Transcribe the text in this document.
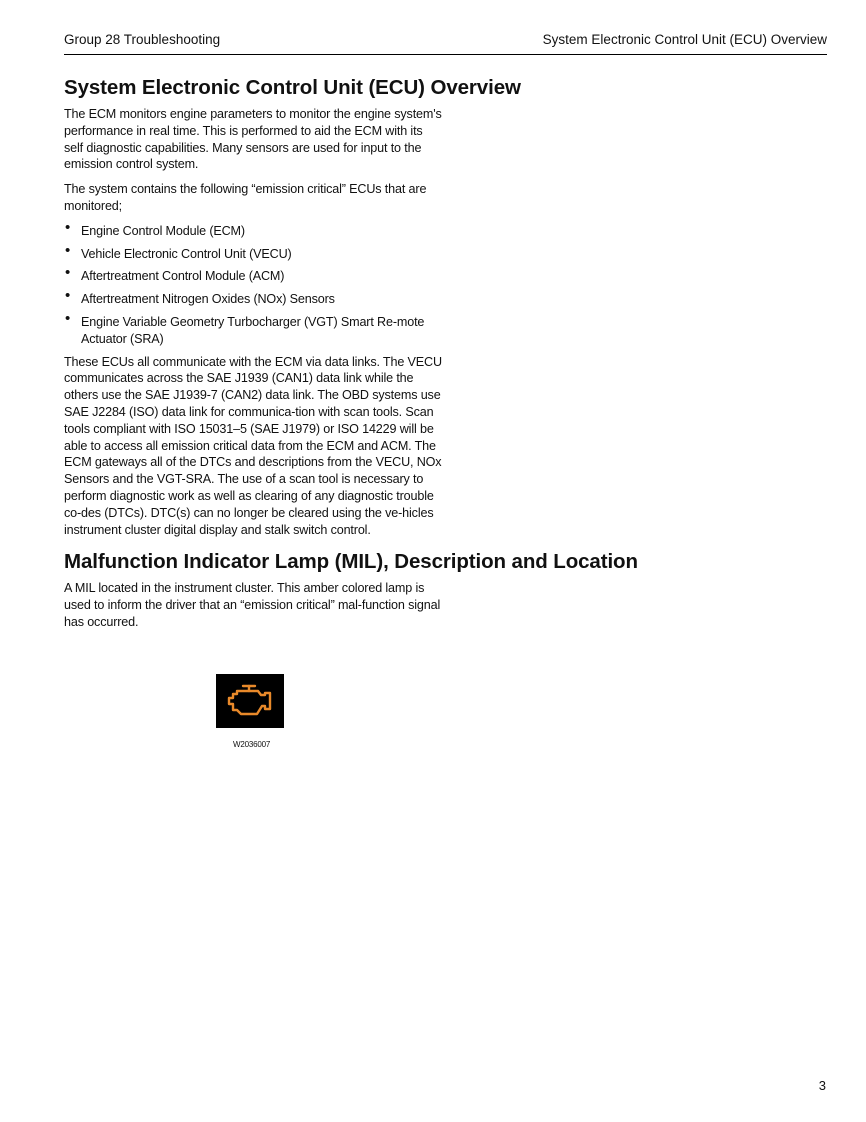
Group 28 Troubleshooting	System Electronic Control Unit (ECU) Overview
System Electronic Control Unit (ECU) Overview

The ECM monitors engine parameters to monitor the engine system's performance in real time. This is performed to aid the ECM with its self diagnostic capabilities. Many sensors are used for input to the emission control system.

The system contains the following “emission critical” ECUs that are monitored;

• Engine Control Module (ECM)
• Vehicle Electronic Control Unit (VECU)
• Aftertreatment Control Module (ACM)
• Aftertreatment Nitrogen Oxides (NOx) Sensors
• Engine Variable Geometry Turbocharger (VGT) Smart Re-mote Actuator (SRA)

These ECUs all communicate with the ECM via data links. The VECU communicates across the SAE J1939 (CAN1) data link while the others use the SAE J1939-7 (CAN2) data link. The OBD systems use SAE J2284 (ISO) data link for communica-tion with scan tools. Scan tools compliant with ISO 15031–5 (SAE J1979) or ISO 14229 will be able to access all emission critical data from the ECM and ACM. The ECM gateways all of the DTCs and descriptions from the VECU, NOx Sensors and the VGT-SRA. The use of a scan tool is necessary to perform diagnostic work as well as clearing of any diagnostic trouble co-des (DTCs). DTC(s) can no longer be cleared using the ve-hicles instrument cluster digital display and stalk switch control.

Malfunction Indicator Lamp (MIL), Description and Location

A MIL located in the instrument cluster. This amber colored lamp is used to inform the driver that an “emission critical” mal-function signal has occurred.

W2036007
3
